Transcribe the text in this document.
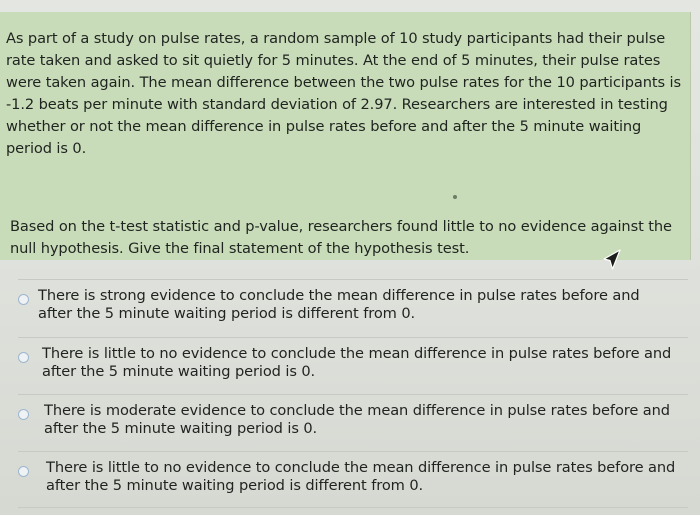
As part of a study on pulse rates, a random sample of 10 study participants had their pulse rate taken and asked to sit quietly for 5 minutes. At the end of 5 minutes, their pulse rates were taken again. The mean difference between the two pulse rates for the 10 participants is -1.2 beats per minute with standard deviation of 2.97. Researchers are interested in testing whether or not the mean difference in pulse rates before and after the 5 minute waiting period is 0.

Based on the t-test statistic and p-value, researchers found little to no evidence against the null hypothesis. Give the final statement of the hypothesis test.

There is strong evidence to conclude the mean difference in pulse rates before and after the 5 minute waiting period is different from 0.

There is little to no evidence to conclude the mean difference in pulse rates before and after the 5 minute waiting period is 0.

There is moderate evidence to conclude the mean difference in pulse rates before and after the 5 minute waiting period is 0.

There is little to no evidence to conclude the mean difference in pulse rates before and after the 5 minute waiting period is different from 0.
